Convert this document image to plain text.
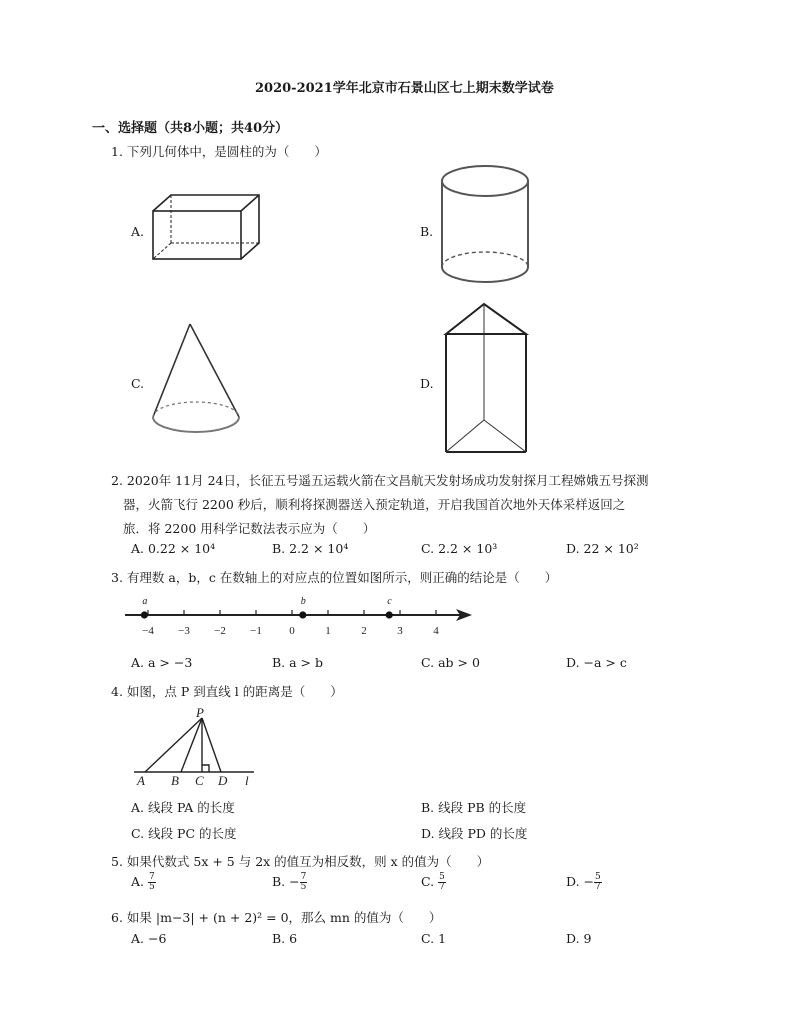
2020-2021学年北京市石景山区七上期末数学试卷
一、选择题（共8小题；共40分）
1. 下列几何体中，是圆柱的为（　　）
A.	B.
C.	D.
2. 2020年 11月 24日，长征五号遥五运载火箭在文昌航天发射场成功发射探月工程嫦娥五号探测
器，火箭飞行 2200 秒后，顺利将探测器送入预定轨道，开启我国首次地外天体采样返回之
旅．将 2200 用科学记数法表示应为（　　）
A. 0.22 × 10⁴	B. 2.2 × 10⁴	C. 2.2 × 10³	D. 22 × 10²
3. 有理数 a，b，c 在数轴上的对应点的位置如图所示，则正确的结论是（　　）
−4 −3 −2 −1 0	1	2	3	4
a	b	c
A. a > −3	B. a > b	C. ab > 0	D. −a > c
4. 如图，点 P 到直线 l 的距离是（　　）
P
A B C D l
A. 线段 PA 的长度	B. 线段 PB 的长度
C. 线段 PC 的长度	D. 线段 PD 的长度
5. 如果代数式 5x + 5 与 2x 的值互为相反数，则 x 的值为（　　）
A. $\frac{7}{5}$	B. − $\frac{7}{5}$	C. $\frac{5}{7}$	D. − $\frac{5}{7}$
6. 如果 |m−3| + (n + 2)² = 0，那么 mn 的值为（　　）
A. −6	B. 6	C. 1	D. 9
